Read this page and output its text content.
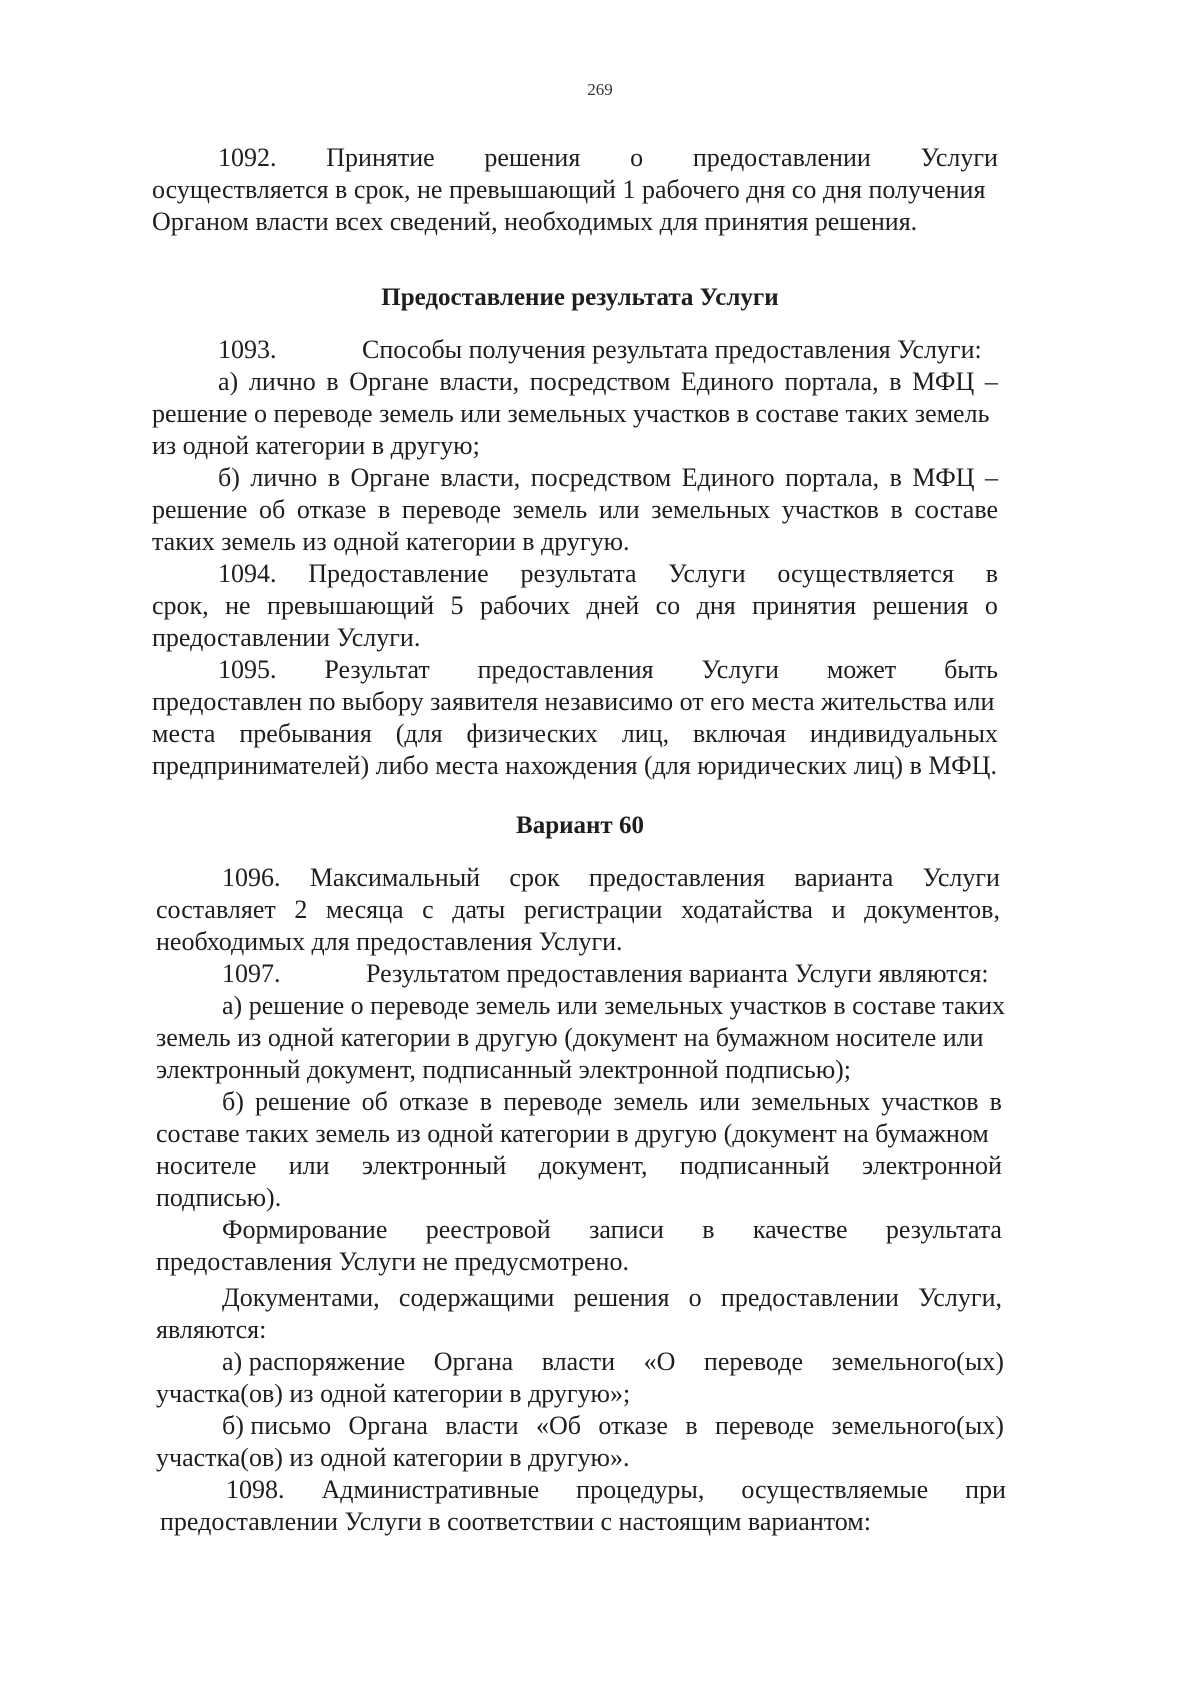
269
1092. Принятие решения о предоставлении Услуги
осуществляется в срок, не превышающий 1 рабочего дня со дня получения
Органом власти всех сведений, необходимых для принятия решения.
Предоставление результата Услуги
1093.	Способы получения результата предоставления Услуги:
а) лично в Органе власти, посредством Единого портала, в МФЦ –
решение о переводе земель или земельных участков в составе таких земель
из одной категории в другую;
б) лично в Органе власти, посредством Единого портала, в МФЦ –
решение об отказе в переводе земель или земельных участков в составе
таких земель из одной категории в другую.
1094. Предоставление результата Услуги осуществляется в
срок, не превышающий 5 рабочих дней со дня принятия решения о
предоставлении Услуги.
1095. Результат предоставления Услуги может быть
предоставлен по выбору заявителя независимо от его места жительства или
места пребывания (для физических лиц, включая индивидуальных
предпринимателей) либо места нахождения (для юридических лиц) в МФЦ.
Вариант 60
1096. Максимальный срок предоставления варианта Услуги
составляет 2 месяца с даты регистрации ходатайства и документов,
необходимых для предоставления Услуги.
1097.	Результатом предоставления варианта Услуги являются:
а) решение о переводе земель или земельных участков в составе таких
земель из одной категории в другую (документ на бумажном носителе или
электронный документ, подписанный электронной подписью);
б) решение об отказе в переводе земель или земельных участков в
составе таких земель из одной категории в другую (документ на бумажном
носителе или электронный документ, подписанный электронной
подписью).
Формирование реестровой записи в качестве результата
предоставления Услуги не предусмотрено.
Документами, содержащими решения о предоставлении Услуги,
являются:
а) распоряжение Органа власти «О переводе земельного(ых)
участка(ов) из одной категории в другую»;
б) письмо Органа власти «Об отказе в переводе земельного(ых)
участка(ов) из одной категории в другую».
1098. Административные процедуры, осуществляемые при
предоставлении Услуги в соответствии с настоящим вариантом:
